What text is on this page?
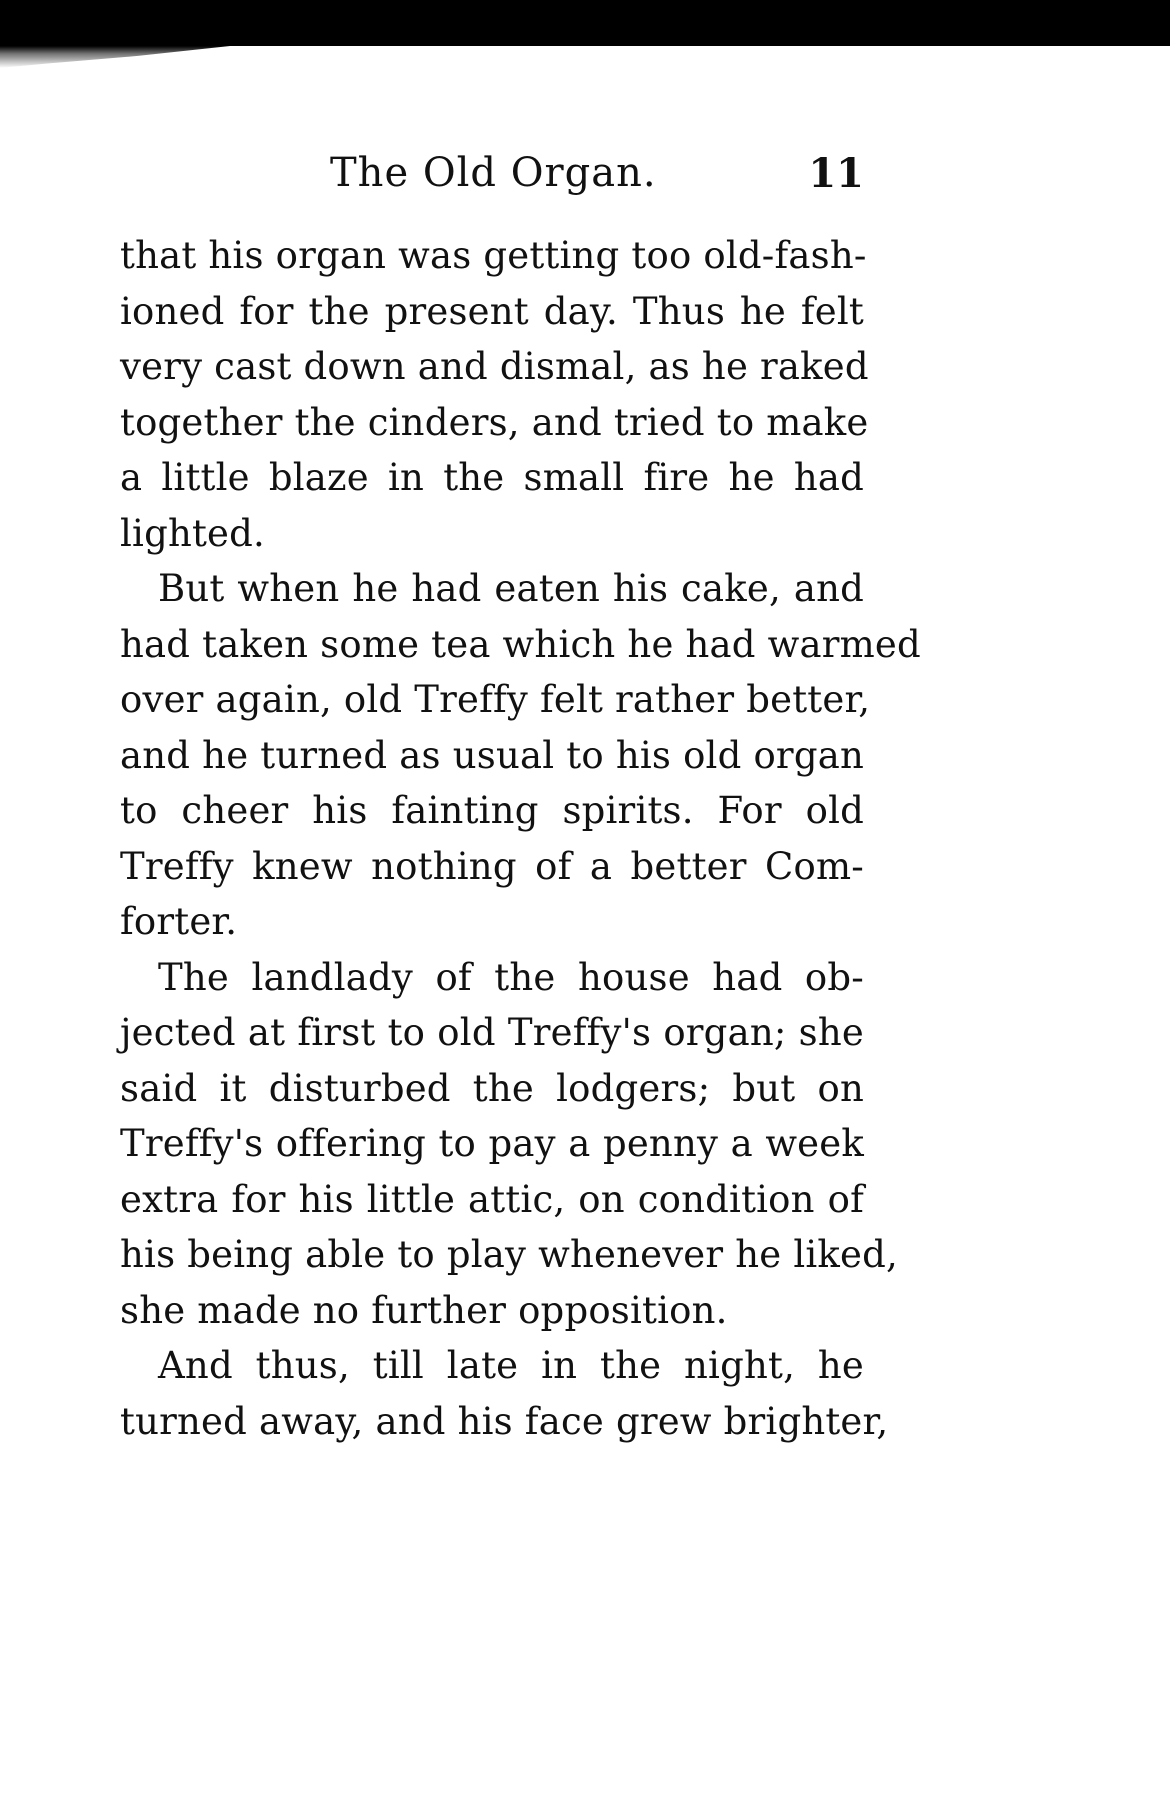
The Old Organ.	11
that his organ was getting too old-fash-
ioned for the present day. Thus he felt
very cast down and dismal, as he raked
together the cinders, and tried to make
a little blaze in the small fire he had
lighted.
But when he had eaten his cake, and
had taken some tea which he had warmed
over again, old Treffy felt rather better,
and he turned as usual to his old organ
to cheer his fainting spirits. For old
Treffy knew nothing of a better Com-
forter.
The landlady of the house had ob-
jected at first to old Treffy's organ; she
said it disturbed the lodgers; but on
Treffy's offering to pay a penny a week
extra for his little attic, on condition of
his being able to play whenever he liked,
she made no further opposition.
And thus, till late in the night, he
turned away, and his face grew brighter,
